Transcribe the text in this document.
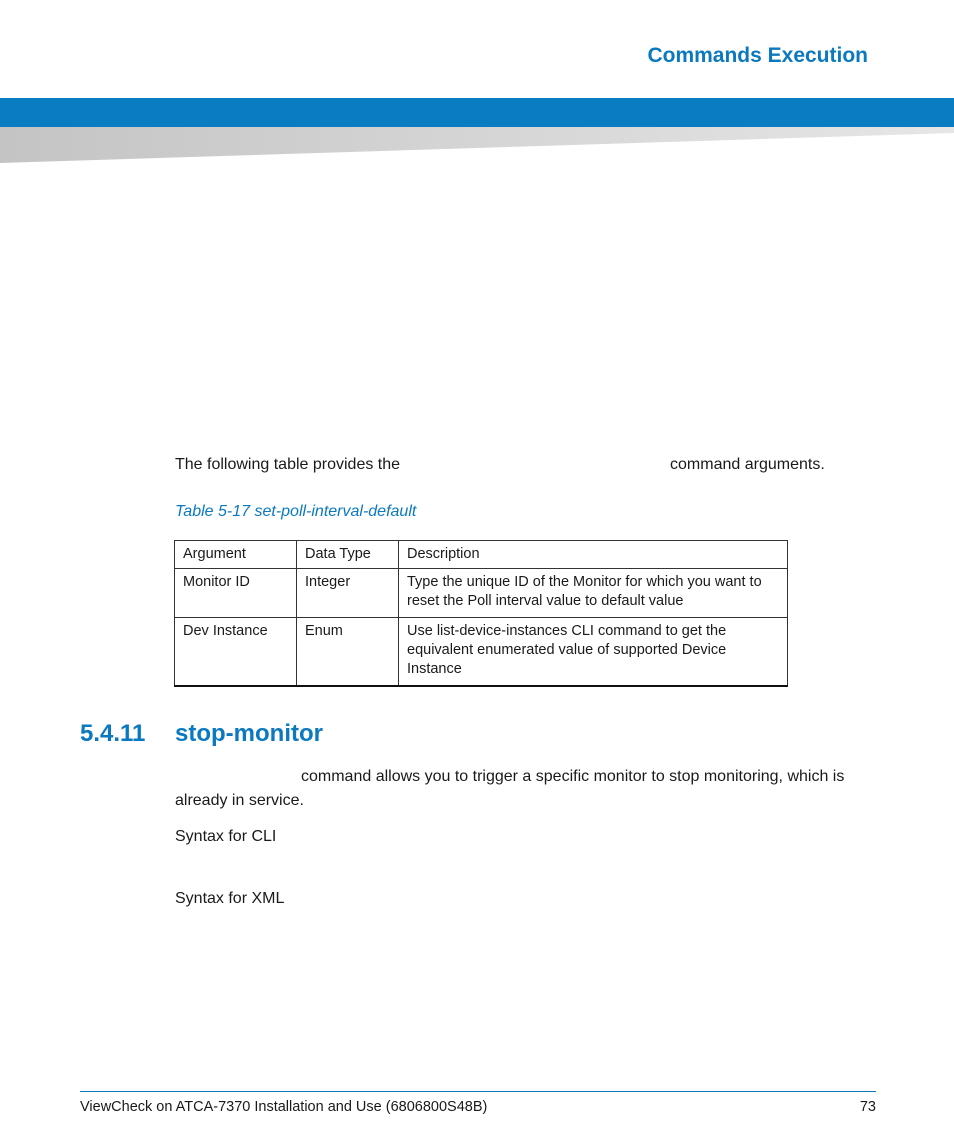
Commands Execution
The following table provides the	command arguments.
Table 5-17 set-poll-interval-default
Argument	Data Type	Description
Monitor ID	Integer	Type the unique ID of the Monitor for which you want to reset the Poll interval value to default value
Dev Instance	Enum	Use list-device-instances CLI command to get the equivalent enumerated value of supported Device Instance
5.4.11 stop-monitor
command allows you to trigger a specific monitor to stop monitoring, which is already in service.
Syntax for CLI
Syntax for XML
ViewCheck on ATCA-7370 Installation and Use (6806800S48B)	73
